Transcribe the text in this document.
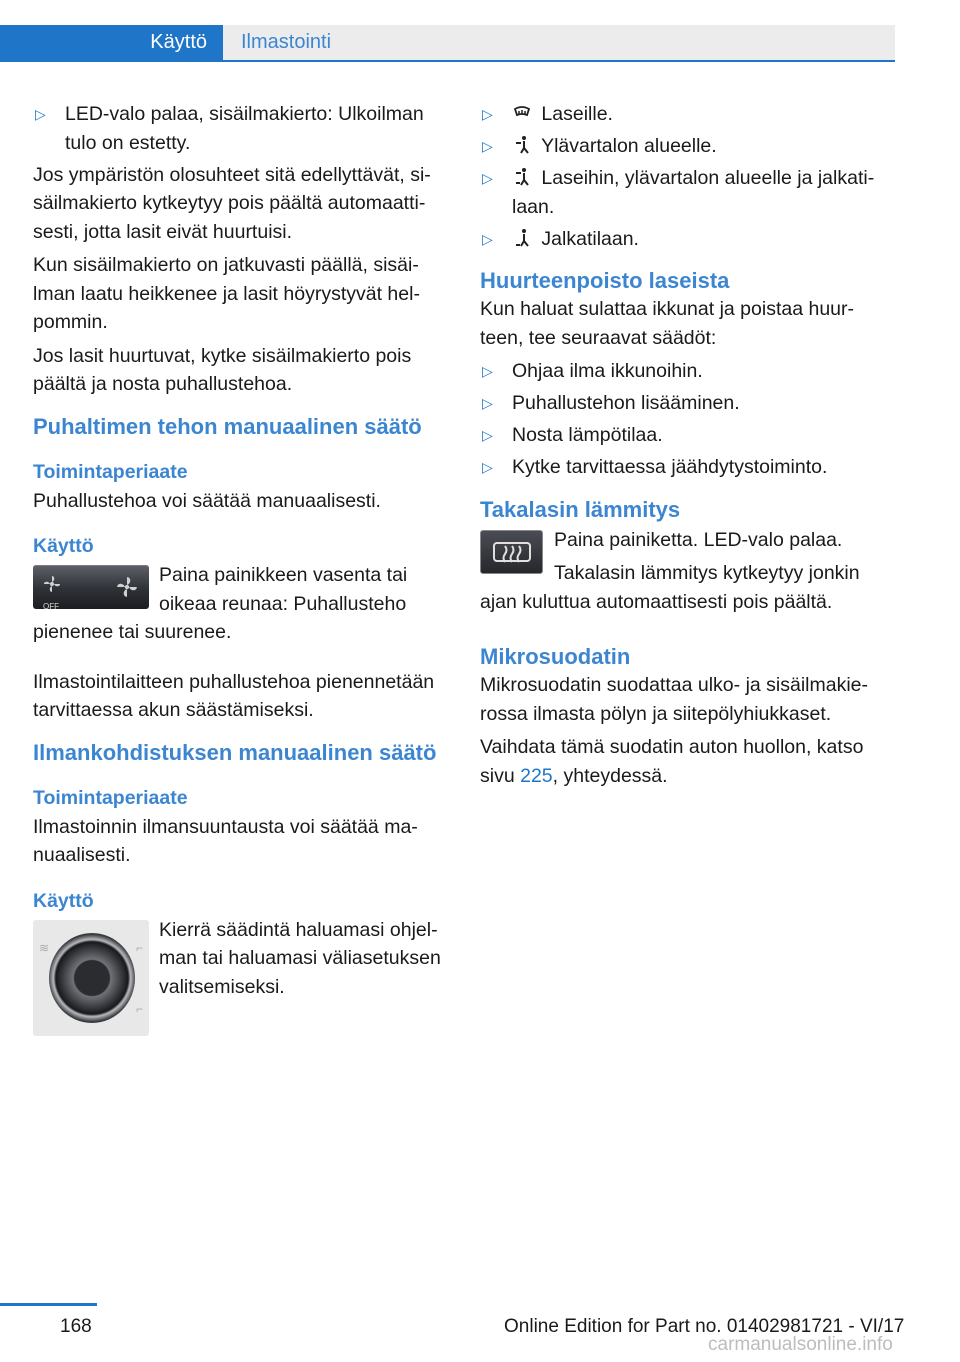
Käyttö	Ilmastointi
▷ LED-valo palaa, sisäilmakierto: Ulkoilman tulo on estetty.

Jos ympäristön olosuhteet sitä edellyttävät, sisäilmakierto kytkeytyy pois päältä automaattisesti, jotta lasit eivät huurtuisi.

Kun sisäilmakierto on jatkuvasti päällä, sisäilman laatu heikkenee ja lasit höyrystyvät helpommin.

Jos lasit huurtuvat, kytke sisäilmakierto pois päältä ja nosta puhallustehoa.

Puhaltimen tehon manuaalinen säätö
Toimintaperiaate

Puhallustehoa voi säätää manuaalisesti.

Käyttö
OFF

Paina painikkeen vasenta tai oikeaa reunaa: Puhallusteho pienenee tai suurenee.

Ilmastointilaitteen puhallustehoa pienennetään tarvittaessa akun säästämiseksi.

Ilmankohdistuksen manuaalinen säätö
Toimintaperiaate

Ilmastoinnin ilmansuuntausta voi säätää manuaalisesti.

Käyttö
≋	⌐
⌐

Kierrä säädintä haluamasi ohjelman tai haluamasi väliasetuksen valitsemiseksi.

▷ Laseille.
▷ Ylävartalon alueelle.
▷ Laseihin, ylävartalon alueelle ja jalkatilaan.
▷ Jalkatilaan.
Huurteenpoisto laseista

Kun haluat sulattaa ikkunat ja poistaa huurteen, tee seuraavat säädöt:

▷ Ohjaa ilma ikkunoihin.
▷ Puhallustehon lisääminen.
▷ Nosta lämpötilaa.
▷ Kytke tarvittaessa jäähdytystoiminto.
Takalasin lämmitys

Paina painiketta. LED-valo palaa.

Takalasin lämmitys kytkeytyy jonkin ajan kuluttua automaattisesti pois päältä.

Mikrosuodatin

Mikrosuodatin suodattaa ulko- ja sisäilmakierossa ilmasta pölyn ja siitepölyhiukkaset.

Vaihdata tämä suodatin auton huollon, katso sivu 225, yhteydessä.

168	Online Edition for Part no. 01402981721 - VI/17
carmanualsonline.info
